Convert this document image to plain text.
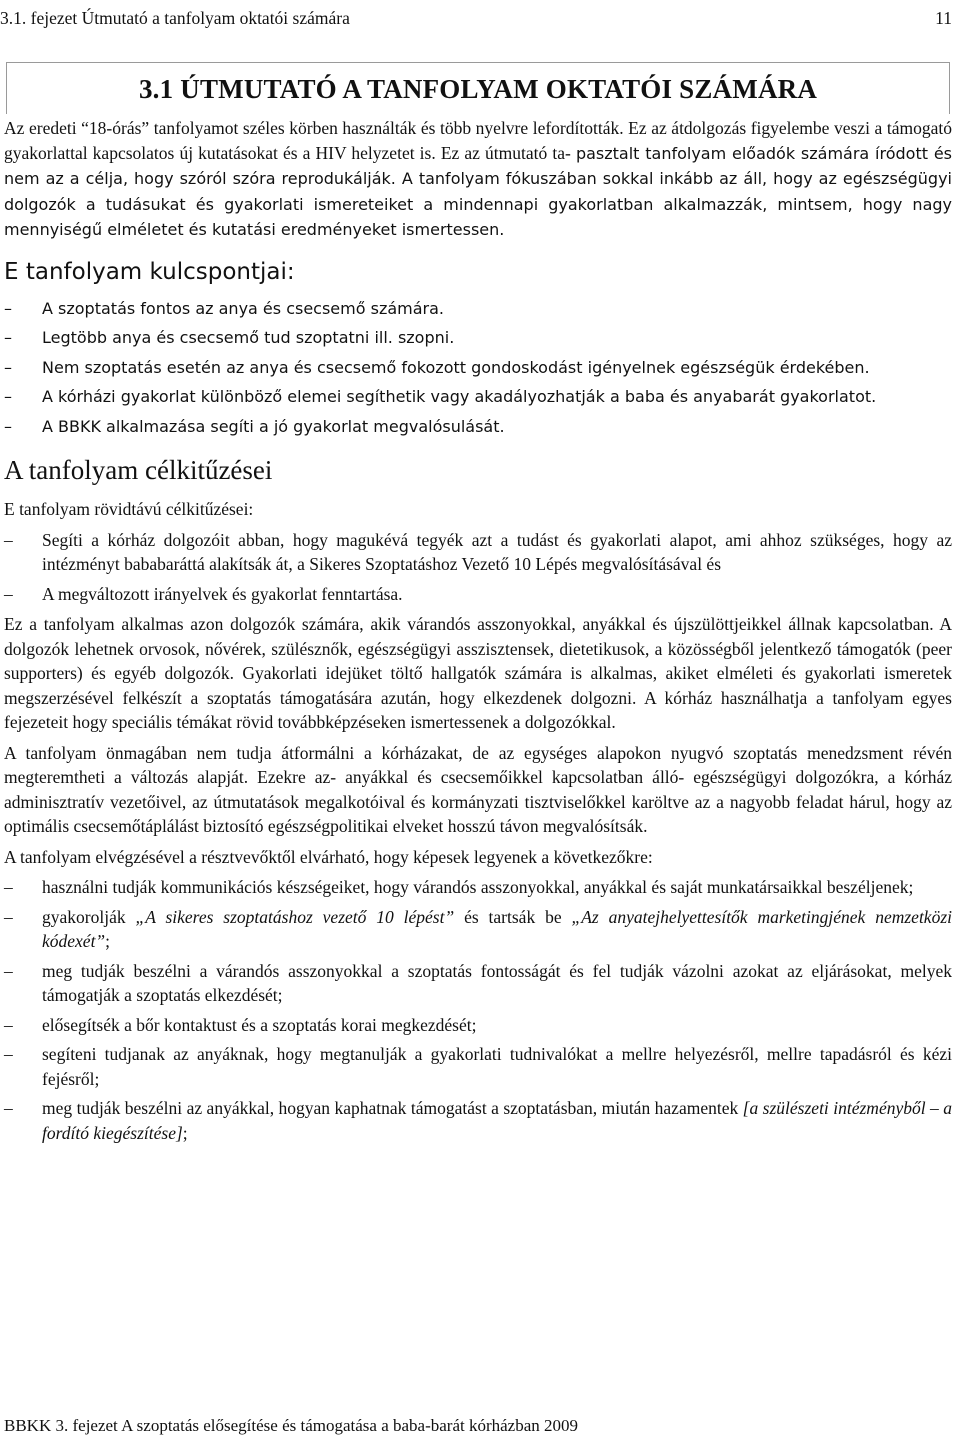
3.1. fejezet Útmutató a tanfolyam oktatói számára	11
3.1 ÚTMUTATÓ A TANFOLYAM OKTATÓI SZÁMÁRA

Az eredeti “18-órás” tanfolyamot széles körben használták és több nyelvre lefordították. Ez az átdolgozás figyelembe veszi a támogató gyakorlattal kapcsolatos új kutatásokat és a HIV helyzetet is. Ez az útmutató ta- pasztalt tanfolyam előadók számára íródott és nem az a célja, hogy szóról szóra reprodukálják. A tanfolyam fókuszában sokkal inkább az áll, hogy az egészségügyi dolgozók a tudásukat és gyakorlati ismereteiket a mindennapi gyakorlatban alkalmazzák, mintsem, hogy nagy mennyiségű elméletet és kutatási eredményeket ismertessen.

E tanfolyam kulcspontjai:
– A szoptatás fontos az anya és csecsemő számára.
– Legtöbb anya és csecsemő tud szoptatni ill. szopni.
– Nem szoptatás esetén az anya és csecsemő fokozott gondoskodást igényelnek egészségük érdekében.
– A kórházi gyakorlat különböző elemei segíthetik vagy akadályozhatják a baba és anyabarát gyakorlatot.
– A BBKK alkalmazása segíti a jó gyakorlat megvalósulását.
A tanfolyam célkitűzései

E tanfolyam rövidtávú célkitűzései:

– Segíti a kórház dolgozóit abban, hogy magukévá tegyék azt a tudást és gyakorlati alapot, ami ahhoz szükséges, hogy az intézményt bababaráttá alakítsák át, a Sikeres Szoptatáshoz Vezető 10 Lépés megvalósításával és
– A megváltozott irányelvek és gyakorlat fenntartása.

Ez a tanfolyam alkalmas azon dolgozók számára, akik várandós asszonyokkal, anyákkal és újszülöttjeikkel állnak kapcsolatban. A dolgozók lehetnek orvosok, nővérek, szülésznők, egészségügyi asszisztensek, dietetikusok, a közösségből jelentkező támogatók (peer supporters) és egyéb dolgozók. Gyakorlati idejüket töltő hallgatók számára is alkalmas, akiket elméleti és gyakorlati ismeretek megszerzésével felkészít a szoptatás támogatására azután, hogy elkezdenek dolgozni. A kórház használhatja a tanfolyam egyes fejezeteit hogy speciális témákat rövid továbbképzéseken ismertessenek a dolgozókkal.

A tanfolyam önmagában nem tudja átformálni a kórházakat, de az egységes alapokon nyugvó szoptatás menedzsment révén megteremtheti a változás alapját. Ezekre az- anyákkal és csecsemőikkel kapcsolatban álló- egészségügyi dolgozókra, a kórház adminisztratív vezetőivel, az útmutatások megalkotóival és kormányzati tisztviselőkkel karöltve az a nagyobb feladat hárul, hogy az optimális csecsemőtáplálást biztosító egészségpolitikai elveket hosszú távon megvalósítsák.

A tanfolyam elvégzésével a résztvevőktől elvárható, hogy képesek legyenek a következőkre:

– használni tudják kommunikációs készségeiket, hogy várandós asszonyokkal, anyákkal és saját munkatársaikkal beszéljenek;
– gyakorolják „A sikeres szoptatáshoz vezető 10 lépést” és tartsák be „Az anyatejhelyettesítők marketingjének nemzetközi kódexét”;
– meg tudják beszélni a várandós asszonyokkal a szoptatás fontosságát és fel tudják vázolni azokat az eljárásokat, melyek támogatják a szoptatás elkezdését;
– elősegítsék a bőr kontaktust és a szoptatás korai megkezdését;
– segíteni tudjanak az anyáknak, hogy megtanulják a gyakorlati tudnivalókat a mellre helyezésről, mellre tapadásról és kézi fejésről;
– meg tudják beszélni az anyákkal, hogyan kaphatnak támogatást a szoptatásban, miután hazamentek [a szülészeti intézményből – a fordító kiegészítése];
BBKK 3. fejezet A szoptatás elősegítése és támogatása a baba-barát kórházban 2009
